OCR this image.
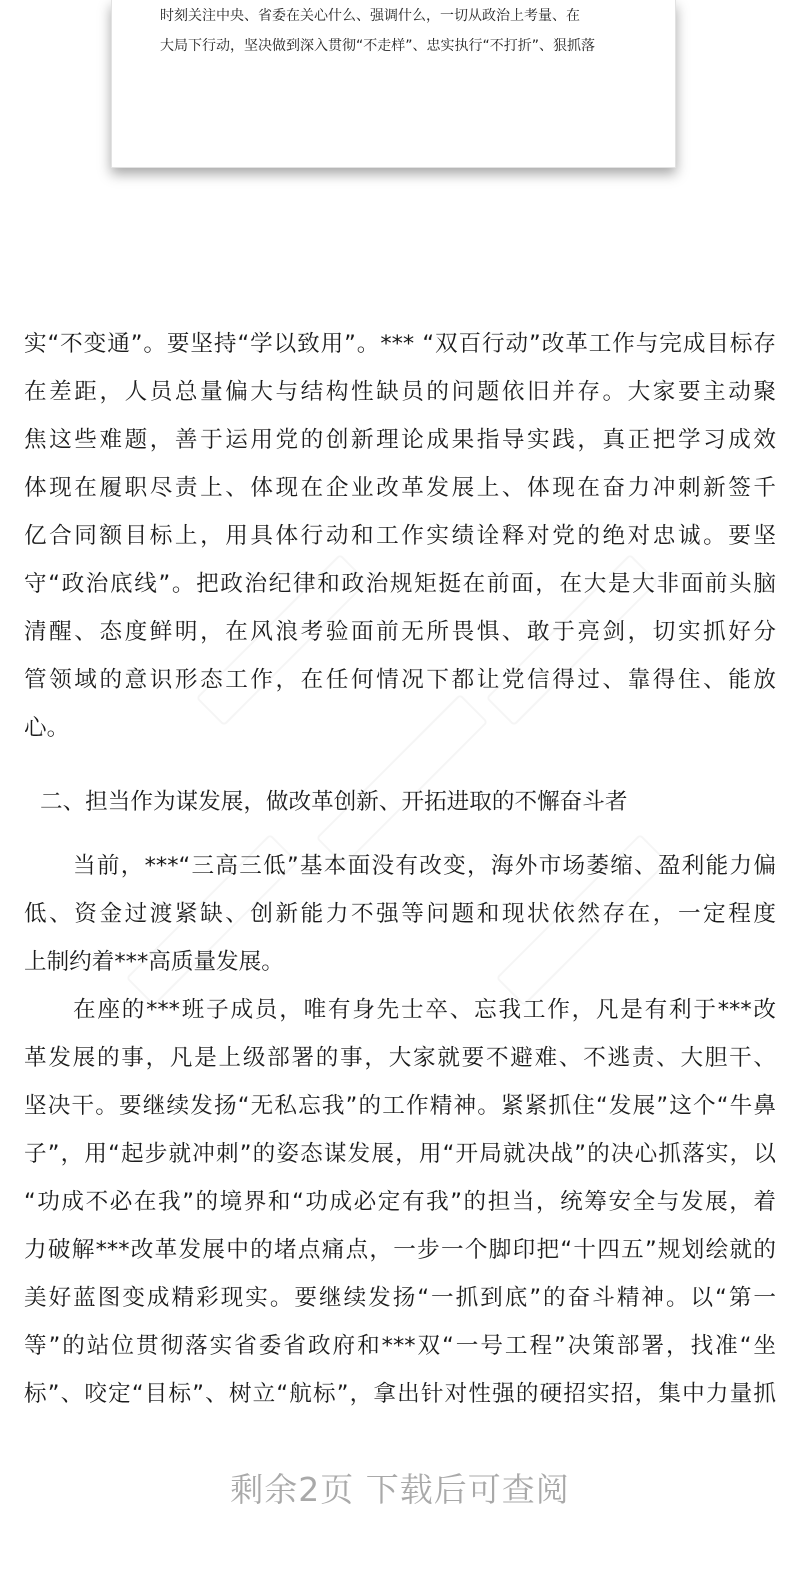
时刻关注中央、省委在关心什么、强调什么，一切从政治上考量、在
大局下行动，坚决做到深入贯彻“不走样”、忠实执行“不打折”、狠抓落
实“不变通”。要坚持“学以致用”。*** “双百行动”改革工作与完成目标存
在差距，人员总量偏大与结构性缺员的问题依旧并存。大家要主动聚
焦这些难题，善于运用党的创新理论成果指导实践，真正把学习成效
体现在履职尽责上、体现在企业改革发展上、体现在奋力冲刺新签千
亿合同额目标上，用具体行动和工作实绩诠释对党的绝对忠诚。要坚
守“政治底线”。把政治纪律和政治规矩挺在前面，在大是大非面前头脑
清醒、态度鲜明，在风浪考验面前无所畏惧、敢于亮剑，切实抓好分
管领域的意识形态工作，在任何情况下都让党信得过、靠得住、能放
心。
二、担当作为谋发展，做改革创新、开拓进取的不懈奋斗者
当前，***“三高三低”基本面没有改变，海外市场萎缩、盈利能力偏
低、资金过渡紧缺、创新能力不强等问题和现状依然存在，一定程度
上制约着***高质量发展。
在座的***班子成员，唯有身先士卒、忘我工作，凡是有利于***改
革发展的事，凡是上级部署的事，大家就要不避难、不逃责、大胆干、
坚决干。要继续发扬“无私忘我”的工作精神。紧紧抓住“发展”这个“牛鼻
子”，用“起步就冲刺”的姿态谋发展，用“开局就决战”的决心抓落实，以
“功成不必在我”的境界和“功成必定有我”的担当，统筹安全与发展，着
力破解***改革发展中的堵点痛点，一步一个脚印把“十四五”规划绘就的
美好蓝图变成精彩现实。要继续发扬“一抓到底”的奋斗精神。以“第一
等”的站位贯彻落实省委省政府和***双“一号工程”决策部署，找准“坐
标”、咬定“目标”、树立“航标”，拿出针对性强的硬招实招，集中力量抓
剩余2页 下载后可查阅
